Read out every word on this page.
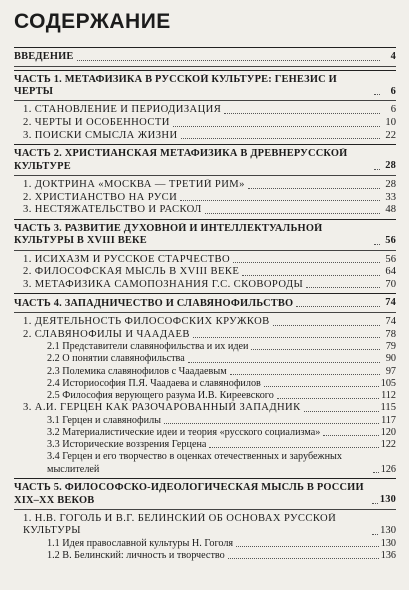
СОДЕРЖАНИЕ
ВВЕДЕНИЕ	4
ЧАСТЬ 1. МЕТАФИЗИКА В РУССКОЙ КУЛЬТУРЕ: ГЕНЕЗИС И ЧЕРТЫ	6
1. СТАНОВЛЕНИЕ И ПЕРИОДИЗАЦИЯ	6
2. ЧЕРТЫ И ОСОБЕННОСТИ	10
3. ПОИСКИ СМЫСЛА ЖИЗНИ	22
ЧАСТЬ 2. ХРИСТИАНСКАЯ МЕТАФИЗИКА В ДРЕВНЕРУССКОЙ КУЛЬТУРЕ	28
1. ДОКТРИНА «МОСКВА — ТРЕТИЙ РИМ»	28
2. ХРИСТИАНСТВО НА РУСИ	33
3. НЕСТЯЖАТЕЛЬСТВО И РАСКОЛ	48
ЧАСТЬ 3. РАЗВИТИЕ ДУХОВНОЙ И ИНТЕЛЛЕКТУАЛЬНОЙ КУЛЬТУРЫ В XVIII ВЕКЕ	56
1. ИСИХАЗМ И РУССКОЕ СТАРЧЕСТВО	56
2. ФИЛОСОФСКАЯ МЫСЛЬ В XVIII ВЕКЕ	64
3. МЕТАФИЗИКА САМОПОЗНАНИЯ Г.С. СКОВОРОДЫ	70
ЧАСТЬ 4. ЗАПАДНИЧЕСТВО И СЛАВЯНОФИЛЬСТВО	74
1. ДЕЯТЕЛЬНОСТЬ ФИЛОСОФСКИХ КРУЖКОВ	74
2. СЛАВЯНОФИЛЫ И ЧААДАЕВ	78
2.1 Представители славянофильства и их идеи	79
2.2 О понятии славянофильства	90
2.3 Полемика славянофилов с Чаадаевым	97
2.4 Историософия П.Я. Чаадаева и славянофилов	105
2.5 Философия верующего разума И.В. Киреевского	112
3. А.И. ГЕРЦЕН КАК РАЗОЧАРОВАННЫЙ ЗАПАДНИК	115
3.1 Герцен и славянофилы	117
3.2 Материалистические идеи и теория «русского социализма»	120
3.3 Исторические воззрения Герцена	122
3.4 Герцен и его творчество в оценках отечественных и зарубежных мыслителей	126
ЧАСТЬ 5. ФИЛОСОФСКО-ИДЕОЛОГИЧЕСКАЯ МЫСЛЬ В РОССИИ XIX–XX ВЕКОВ	130
1. Н.В. ГОГОЛЬ И В.Г. БЕЛИНСКИЙ ОБ ОСНОВАХ РУССКОЙ КУЛЬТУРЫ	130
1.1 Идея православной культуры Н. Гоголя	130
1.2 В. Белинский: личность и творчество	136
